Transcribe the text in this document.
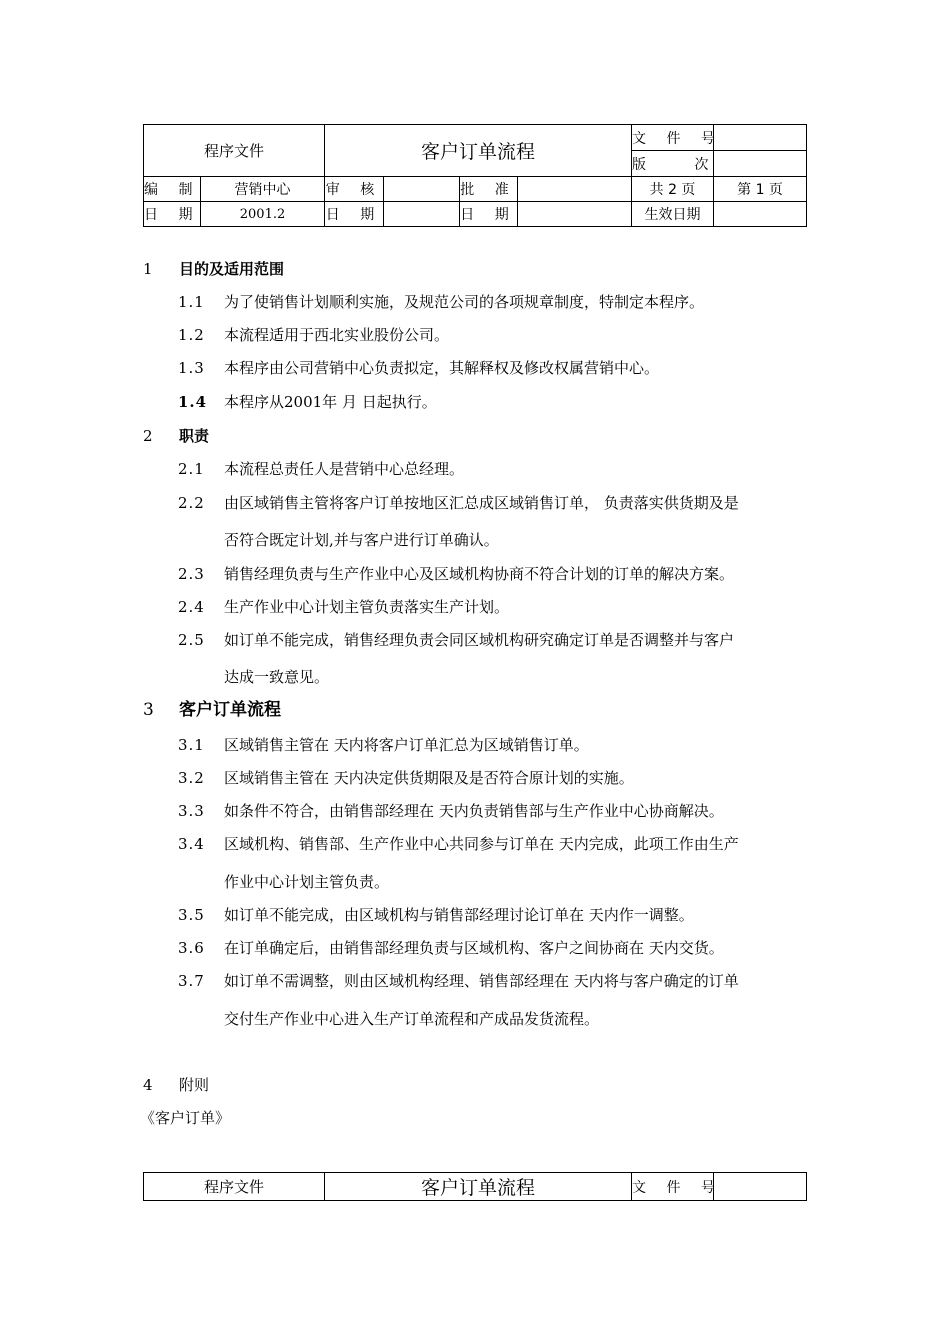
程序文件		客户订单流程				文 件 号	
						版 次	
编 制	营销中心	审 核		批 准		共 2 页	第 1 页
日 期	2001.2	日 期		日 期		生效日期	
1 目的及适用范围
1.1 为了使销售计划顺利实施，及规范公司的各项规章制度，特制定本程序。
1.2 本流程适用于西北实业股份公司。
1.3 本程序由公司营销中心负责拟定，其解释权及修改权属营销中心。
1.4 本程序从2001年 月 日起执行。
2 职责
2.1 本流程总责任人是营销中心总经理。
2.2 由区域销售主管将客户订单按地区汇总成区域销售订单， 负责落实供货期及是
否符合既定计划,并与客户进行订单确认。
2.3 销售经理负责与生产作业中心及区域机构协商不符合计划的订单的解决方案。
2.4 生产作业中心计划主管负责落实生产计划。
2.5 如订单不能完成，销售经理负责会同区域机构研究确定订单是否调整并与客户
达成一致意见。
3 客户订单流程
3.1 区域销售主管在 天内将客户订单汇总为区域销售订单。
3.2 区域销售主管在 天内决定供货期限及是否符合原计划的实施。
3.3 如条件不符合，由销售部经理在 天内负责销售部与生产作业中心协商解决。
3.4 区域机构、销售部、生产作业中心共同参与订单在 天内完成，此项工作由生产
作业中心计划主管负责。
3.5 如订单不能完成，由区域机构与销售部经理讨论订单在 天内作一调整。
3.6 在订单确定后，由销售部经理负责与区域机构、客户之间协商在 天内交货。
3.7 如订单不需调整，则由区域机构经理、销售部经理在 天内将与客户确定的订单
交付生产作业中心进入生产订单流程和产成品发货流程。
4 附则
《客户订单》
程序文件	客户订单流程	文 件 号	
